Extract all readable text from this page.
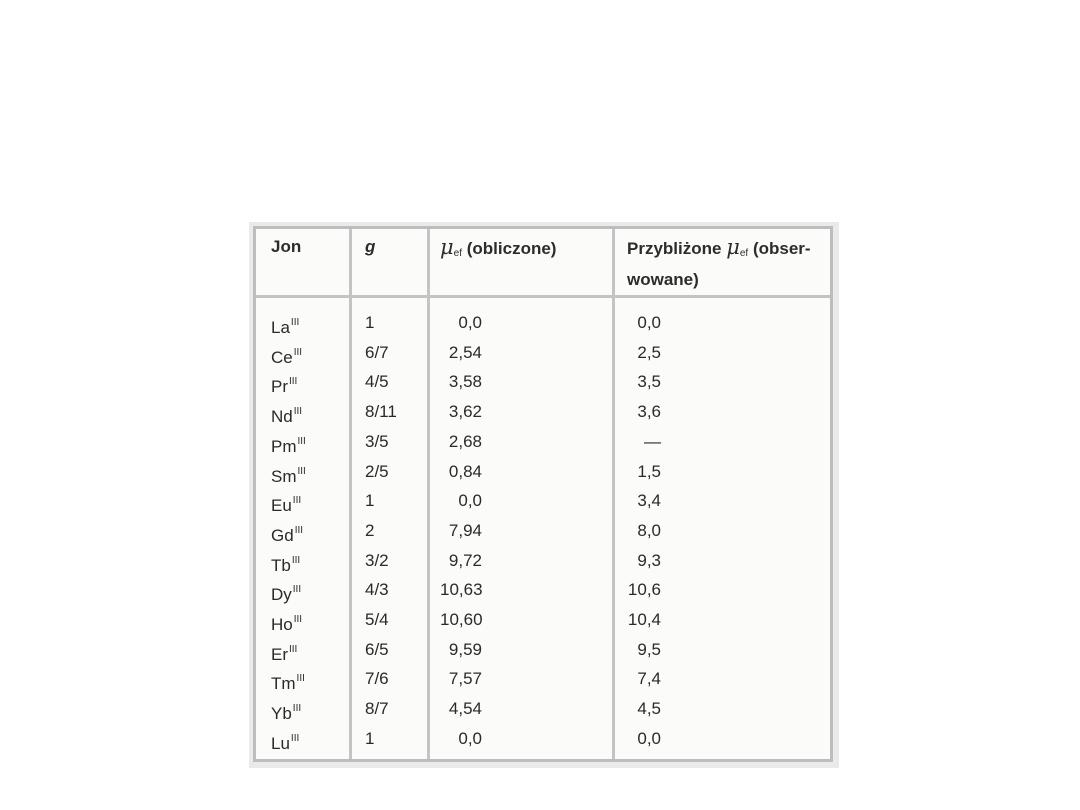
Jon	g	$\mu_{ef}$ (obliczone)	Przybliżone $\mu_{ef}$ (obser-
wowane)
$La^{III}$	1	0,0	0,0
$Ce^{III}$	6/7	2,54	2,5
$Pr^{III}$	4/5	3,58	3,5
$Nd^{III}$	8/11	3,62	3,6
$Pm^{III}$	3/5	2,68	—
$Sm^{III}$	2/5	0,84	1,5
$Eu^{III}$	1	0,0	3,4
$Gd^{III}$	2	7,94	8,0
$Tb^{III}$	3/2	9,72	9,3
$Dy^{III}$	4/3	10,63	10,6
$Ho^{III}$	5/4	10,60	10,4
$Er^{III}$	6/5	9,59	9,5
$Tm^{III}$	7/6	7,57	7,4
$Yb^{III}$	8/7	4,54	4,5
$Lu^{III}$	1	0,0	0,0
